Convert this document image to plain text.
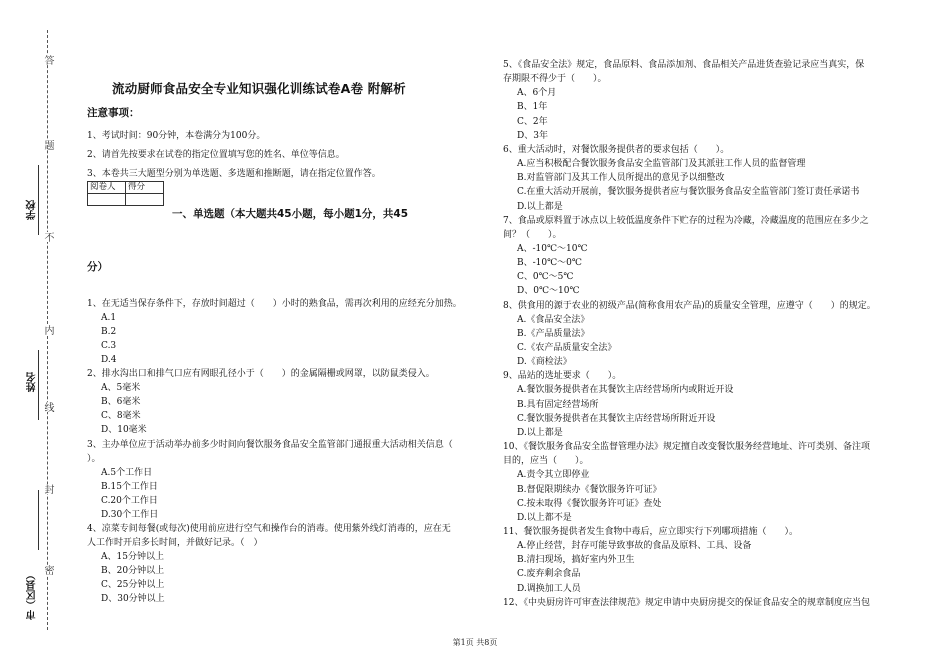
答
题
不
内
线
封
密
学校
姓名
市（区县）
流动厨师食品安全专业知识强化训练试卷A卷 附解析
注意事项：
1、考试时间：90分钟，本卷满分为100分。
2、请首先按要求在试卷的指定位置填写您的姓名、单位等信息。
3、本卷共三大题型分别为单选题、多选题和推断题，请在指定位置作答。
阅卷人	得分

一、单选题（本大题共45小题，每小题1分，共45
分）
1、在无适当保存条件下，存放时间超过（　　）小时的熟食品，需再次利用的应经充分加热。
A.1
B.2
C.3
D.4
2、排水沟出口和排气口应有网眼孔径小于（　　）的金属隔栅或网罩，以防鼠类侵入。
A、5毫米
B、6毫米
C、8毫米
D、10毫米
3、主办单位应于活动举办前多少时间向餐饮服务食品安全监管部门通报重大活动相关信息（
）。
A.5个工作日
B.15个工作日
C.20个工作日
D.30个工作日
4、凉菜专间每餐(或每次)使用前应进行空气和操作台的消毒。使用紫外线灯消毒的，应在无
人工作时开启多长时间，并做好记录。（　）
A、15分钟以上
B、20分钟以上
C、25分钟以上
D、30分钟以上
5、《食品安全法》规定，食品原料、食品添加剂、食品相关产品进货查验记录应当真实，保
存期限不得少于（　　）。
A、6个月
B、1年
C、2年
D、3年
6、重大活动时，对餐饮服务提供者的要求包括（　　）。
A.应当积极配合餐饮服务食品安全监管部门及其派驻工作人员的监督管理
B.对监管部门及其工作人员所提出的意见予以细整改
C.在重大活动开展前，餐饮服务提供者应与餐饮服务食品安全监管部门签订责任承诺书
D.以上都是
7、食品或原料置于冰点以上较低温度条件下贮存的过程为冷藏，冷藏温度的范围应在多少之
间？（　　）。
A、-10℃～10℃
B、-10℃～0℃
C、0℃～5℃
D、0℃～10℃
8、供食用的源于农业的初级产品(简称食用农产品)的质量安全管理，应遵守（　　）的规定。
A.《食品安全法》
B.《产品质量法》
C.《农产品质量安全法》
D.《商检法》
9、品站的选址要求（　　）。
A.餐饮服务提供者在其餐饮主店经营场所内或附近开设
B.具有固定经营场所
C.餐饮服务提供者在其餐饮主店经营场所附近开设
D.以上都是
10、《餐饮服务食品安全监督管理办法》规定擅自改变餐饮服务经营地址、许可类别、备注项
目的，应当（　　）。
A.责令其立即停业
B.督促限期续办《餐饮服务许可证》
C.按未取得《餐饮服务许可证》查处
D.以上都不是
11、餐饮服务提供者发生食物中毒后，应立即实行下列哪项措施（　　）。
A.停止经营，封存可能导致事故的食品及原料、工具、设备
B.清扫现场，搞好室内外卫生
C.废弃剩余食品
D.调换加工人员
12、《中央厨房许可审查法律规范》规定申请中央厨房提交的保证食品安全的规章制度应当包
第1页 共8页
